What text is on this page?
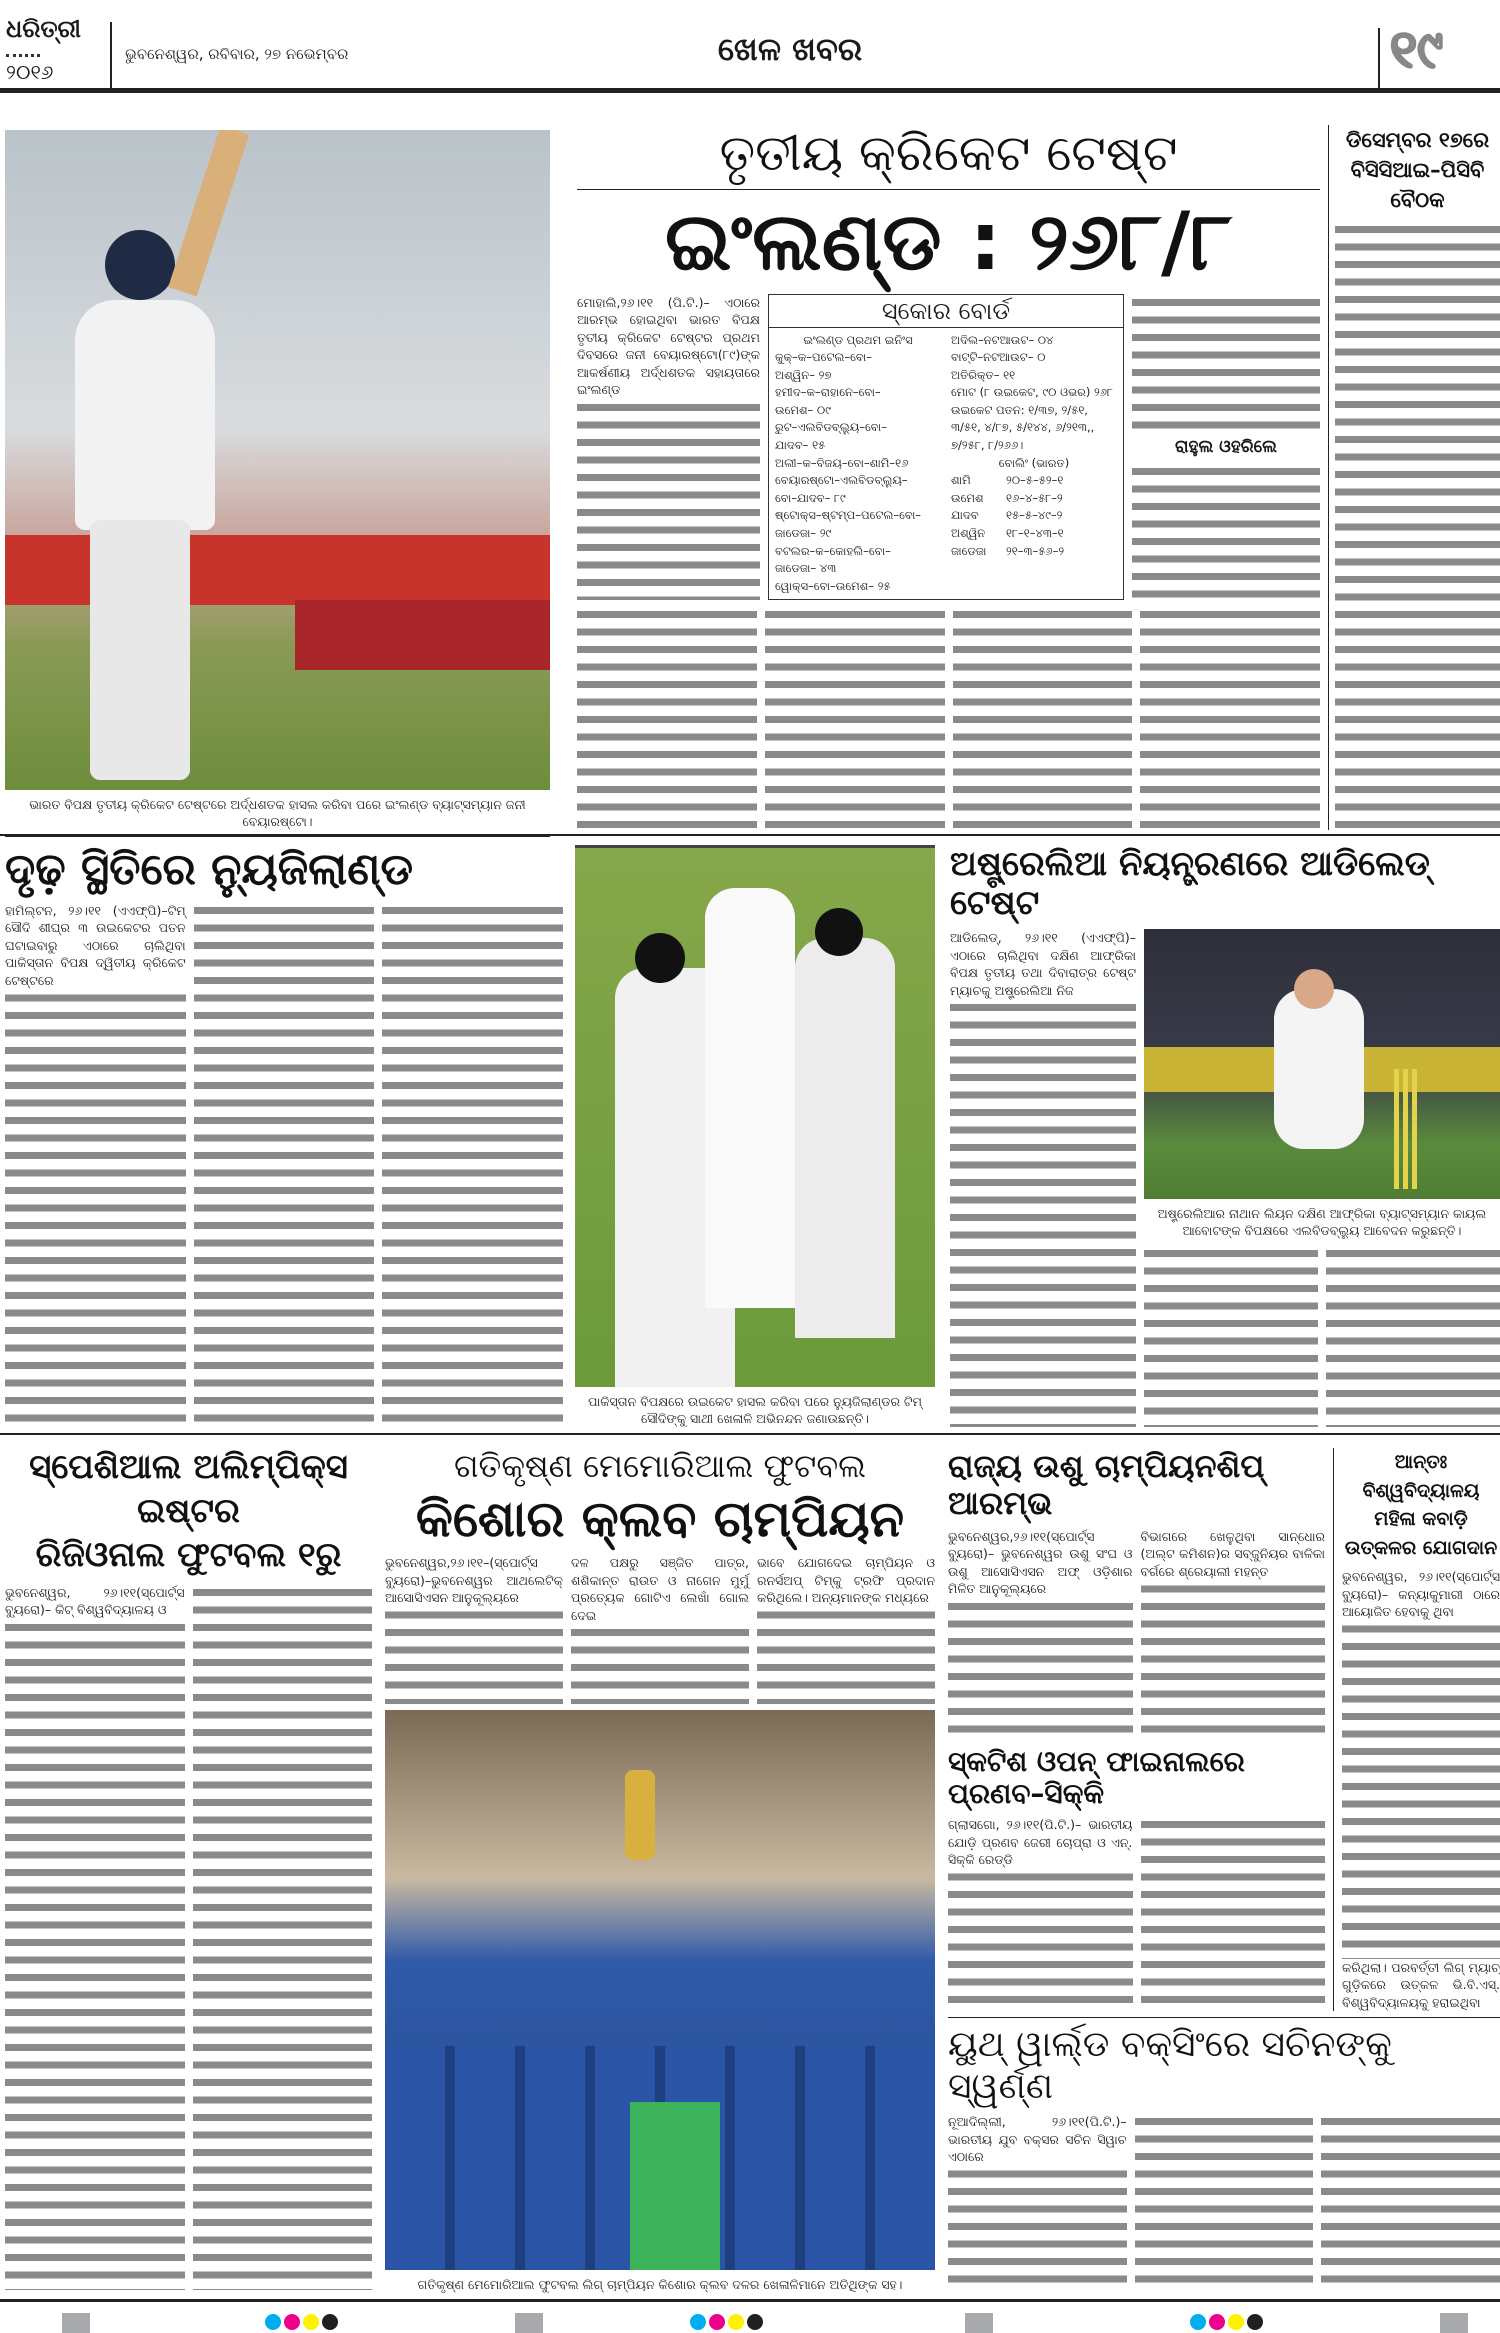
ଧରିତ୍ରୀ
୨୦୧୬
ଭୁବନେଶ୍ୱର, ରବିବାର, ୨୭ ନଭେମ୍ବର	ଖେଳ ଖବର	୧୯
ଭାରତ ବିପକ୍ଷ ତୃତୀୟ କ୍ରିକେଟ ଟେଷ୍ଟରେ ଅର୍ଦ୍ଧଶତକ ହାସଲ କରିବା ପରେ ଇଂଲଣ୍ଡ ବ୍ୟାଟ୍ସମ୍ୟାନ ଜନୀ ବେୟାରଷ୍ଟୋ।
ତୃତୀୟ କ୍ରିକେଟ ଟେଷ୍ଟ
ଇଂଲଣ୍ଡ : ୨୬୮/୮

ମୋହାଲି,୨୬।୧୧ (ପି.ଟି.)– ଏଠାରେ ଆରମ୍ଭ ହୋଇଥିବା ଭାରତ ବିପକ୍ଷ ତୃତୀୟ କ୍ରିକେଟ ଟେଷ୍ଟର ପ୍ରଥମ ଦିବସରେ ଜନୀ ବେୟାରଷ୍ଟୋ(୮୯)ଙ୍କ ଆକର୍ଷଣୀୟ ଅର୍ଦ୍ଧଶତକ ସହାୟତାରେ ଇଂଲଣ୍ଡ

ସ୍କୋର ବୋର୍ଡ
ଇଂଲଣ୍ଡ ପ୍ରଥମ ଇନିଂସ
କୁକ୍–କ–ପଟେଲ–ବୋ–
ଅଶ୍ୱିନ– ୨୭
ହମୀଦ–କ–ରାହାନେ–ବୋ–
ଉମେଶ– ୦୯
ରୁଟ–ଏଲବିଡବ୍ଲ୍ୟୁ–ବୋ–
ଯାଦବ– ୧୫
ଅଲୀ–କ–ବିଜୟ–ବୋ–ଶାମି–୧୬
ବେୟାରଷ୍ଟୋ–ଏଲବିଡବ୍ଲ୍ୟୁ–
ବୋ–ଯାଦବ– ୮୯
ଷ୍ଟୋକ୍ସ–ଷ୍ଟମ୍ପ–ପଟେଲ–ବୋ–
ଜାଡେଜା– ୨୯
ବଟଲର–କ–କୋହଲି–ବୋ–
ଜାଡେଜା– ୪୩
ୱୋକ୍ସ–ବୋ–ଉମେଶ– ୨୫
ଅଦିଲ–ନଟଆଉଟ– ୦୪
ବାଟ୍ଟି–ନଟଆଉଟ– ୦
ଅତିରିକ୍ତ– ୧୧
ମୋଟ (୮ ଉଇକେଟ, ୯୦ ଓଭର) ୨୬୮
ଉଇକେଟ ପତନ: ୧/୩୭, ୨/୫୧, ୩/୫୧, ୪/୮୭, ୫/୧୪୪, ୬/୨୧୩,, ୭/୨୫୮, ୮/୨୬୬।
ବୋଲିଂ (ଭାରତ)
ଶାମି	୨୦–୫–୫୨–୧
ଉମେଶ ୧୬–୪–୫୮–୨
ଯାଦବ ୧୫–୫–୪୯–୨
ଅଶ୍ୱିନ ୧୮–୧–୪୩–୧
ଜାଡେଜା ୨୧–୩–୫୬–୨
ରାହୁଲ ଓହରିଲେ
ଡିସେମ୍ବର ୧୭ରେ
ବିସିସିଆଇ–ପିସିବି
ବୈଠକ
ଦୃଢ଼ ସ୍ଥିତିରେ ନ୍ୟୁଜିଲାଣ୍ଡ

ହାମିଲ୍ଟନ, ୨୬।୧୧ (ଏଏଫ୍‌ପି)–ଟିମ୍ ସୌଦି ଶୀଘ୍ର ୩ ଉଇକେଟର ପତନ ଘଟାଇବାରୁ ଏଠାରେ ଚାଲିଥିବା ପାକିସ୍ତାନ ବିପକ୍ଷ ଦ୍ୱିତୀୟ କ୍ରିକେଟ ଟେଷ୍ଟରେ

ପାକିସ୍ତାନ ବିପକ୍ଷରେ ଉଇକେଟ ହାସଲ କରିବା ପରେ ନ୍ୟୁଜିଲାଣ୍ଡର ଟିମ୍ ସୌଦିଙ୍କୁ ସାଥୀ ଖେଳାଳି ଅଭିନନ୍ଦନ ଜଣାଉଛନ୍ତି।
ଅଷ୍ଟ୍ରେଲିଆ ନିୟନ୍ତ୍ରଣରେ ଆଡିଲେଡ୍ ଟେଷ୍ଟ

ଆଡିଲେଡ୍, ୨୬।୧୧ (ଏଏଫ୍‌ପି)– ଏଠାରେ ଚାଲିଥିବା ଦକ୍ଷିଣ ଆଫ୍ରିକା ବିପକ୍ଷ ତୃତୀୟ ତଥା ଦିବାରାତ୍ର ଟେଷ୍ଟ ମ୍ୟାଚକୁ ଅଷ୍ଟ୍ରେଲିଆ ନିଜ

ଅଷ୍ଟ୍ରେଲିଆର ନାଥାନ ଲିୟନ ଦକ୍ଷିଣ ଆଫ୍ରିକା ବ୍ୟାଟ୍ସମ୍ୟାନ କାୟଲ ଆବୋଟଙ୍କ ବିପକ୍ଷରେ ଏଲବିଡବ୍ଲ୍ୟୁ ଆବେଦନ କରୁଛନ୍ତି।
ସ୍ପେଶିଆଲ ଅଲିମ୍ପିକ୍ସ ଇଷ୍ଟର
ରିଜିଓନାଲ ଫୁଟବଲ ୧ରୁ

ଭୁବନେଶ୍ୱର, ୨୬।୧୧(ସ୍ପୋର୍ଟ୍ସ ବ୍ୟୁରୋ)– କିଟ୍ ବିଶ୍ୱବିଦ୍ୟାଳୟ ଓ

ଗତିକୃଷ୍ଣ ମେମୋରିଆଲ ଫୁଟବଲ
କିଶୋର କ୍ଲବ ଚାମ୍ପିୟନ

ଭୁବନେଶ୍ୱର,୨୬।୧୧–(ସ୍ପୋର୍ଟ୍ସ ବ୍ୟୁରୋ)–ଭୁବନେଶ୍ୱର ଆଥଲେଟିକ୍ ଆସୋସିଏସନ ଆନୁକୂଲ୍ୟରେ

ଦଳ ପକ୍ଷରୁ ସଞ୍ଜିତ ପାତ୍ର, ଶଶିକାନ୍ତ ରାଉତ ଓ ନାଗେନ ମୁର୍ମୁ ପ୍ରତ୍ୟେକ ଗୋଟିଏ ଲେଖାଁ ଗୋଲ ଦେଇ

ଭାବେ ଯୋଗଦେଇ ଚାମ୍ପିୟନ ଓ ରନର୍ସଅପ୍ ଟିମ୍‌କୁ ଟ୍ରଫି ପ୍ରଦାନ କରିଥିଲେ। ଅନ୍ୟମାନଙ୍କ ମଧ୍ୟରେ

ଗତିକୃଷ୍ଣ ମେମୋରିଆଲ ଫୁଟବଲ ଲିଗ୍ ଚାମ୍ପିୟନ କିଶୋର କ୍ଲବ ଦଳର ଖେଳାଳିମାନେ ଅତିଥିଙ୍କ ସହ।
ରାଜ୍ୟ ଉଶୁ ଚାମ୍ପିୟନଶିପ୍ ଆରମ୍ଭ

ଭୁବନେଶ୍ୱର,୨୬।୧୧(ସ୍ପୋର୍ଟ୍ସ ବ୍ୟୁରୋ)– ଭୁବନେଶ୍ୱର ଉଶୁ ସଂଘ ଓ ଉଶୁ ଆସୋସିଏସନ ଅଫ୍ ଓଡ଼ିଶାର ମିଳିତ ଆନୁକୂଲ୍ୟରେ

ବିଭାଗରେ ଖେଳୁଥିବା ସାନ୍ଧୋର (ଅଲ୍ଟ କମିଶନ)ର ସବ୍‌ଜୁନିୟର ବାଳିକା ବର୍ଗରେ ଶ୍ରେୟାଲୀ ମହନ୍ତ

ସ୍କଟିଶ ଓପନ୍ ଫାଇନାଲରେ ପ୍ରଣବ–ସିକ୍କି

ଗ୍ଲାସଗୋ, ୨୬।୧୧(ପି.ଟି.)– ଭାରତୀୟ ଯୋଡ଼ି ପ୍ରଣବ ଜେରୀ ଚୋପ୍ରା ଓ ଏନ୍. ସିକ୍କି ରେଡ୍ଡି

ଆନ୍ତଃ ବିଶ୍ୱବିଦ୍ୟାଳୟ
ମହିଳା କବାଡ଼ି
ଉତ୍କଳର ଯୋଗଦାନ

ଭୁବନେଶ୍ୱର, ୨୬।୧୧(ସ୍ପୋର୍ଟ୍ସ ବ୍ୟୁରୋ)– କନ୍ୟାକୁମାରୀ ଠାରେ ଆୟୋଜିତ ହେବାକୁ ଥିବା

କରିଥିଲା। ପରବର୍ତ୍ତୀ ଲିଗ୍ ମ୍ୟାଚ୍ ଗୁଡ଼ିକରେ ଉତ୍କଳ ଭି.ବି.ଏସ୍. ବିଶ୍ୱବିଦ୍ୟାଳୟକୁ ହରାଇଥିବା

ୟୁଥ୍ ୱାର୍ଲ୍ଡ ବକ୍ସିଂରେ ସଚିନଙ୍କୁ ସ୍ୱର୍ଣ୍ଣ

ନୂଆଦିଲ୍ଲୀ, ୨୬।୧୧(ପି.ଟି.)– ଭାରତୀୟ ଯୁବ ବକ୍ସର ସଚିନ ସିୱାଚ ଏଠାରେ
